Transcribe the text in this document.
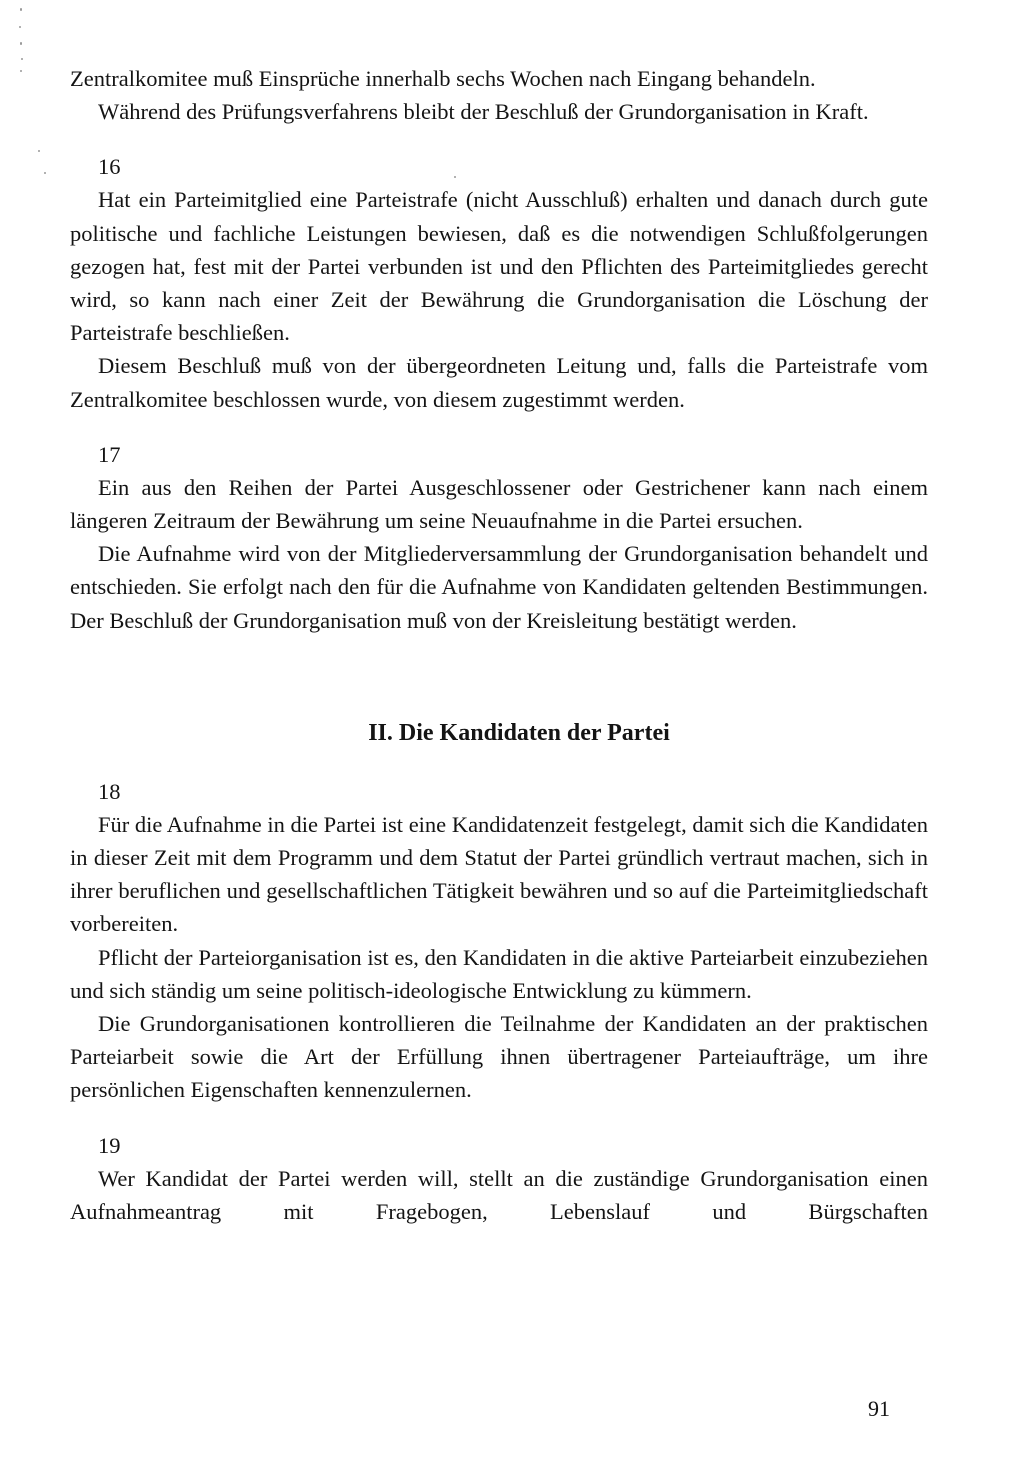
Zentralkomitee muß Einsprüche innerhalb sechs Wochen nach Eingang behandeln.

Während des Prüfungsverfahrens bleibt der Beschluß der Grundorganisation in Kraft.

16

Hat ein Parteimitglied eine Parteistrafe (nicht Ausschluß) erhalten und danach durch gute politische und fachliche Leistungen bewiesen, daß es die notwendigen Schlußfolgerungen gezogen hat, fest mit der Partei verbunden ist und den Pflichten des Parteimitgliedes gerecht wird, so kann nach einer Zeit der Bewährung die Grundorganisation die Löschung der Parteistrafe beschließen.

Diesem Beschluß muß von der übergeordneten Leitung und, falls die Parteistrafe vom Zentralkomitee beschlossen wurde, von diesem zugestimmt werden.

17

Ein aus den Reihen der Partei Ausgeschlossener oder Gestrichener kann nach einem längeren Zeitraum der Bewährung um seine Neuaufnahme in die Partei ersuchen.

Die Aufnahme wird von der Mitgliederversammlung der Grundorganisation behandelt und entschieden. Sie erfolgt nach den für die Aufnahme von Kandidaten geltenden Bestimmungen. Der Beschluß der Grundorganisation muß von der Kreisleitung bestätigt werden.

II. Die Kandidaten der Partei

18

Für die Aufnahme in die Partei ist eine Kandidatenzeit festgelegt, damit sich die Kandidaten in dieser Zeit mit dem Programm und dem Statut der Partei gründlich vertraut machen, sich in ihrer beruflichen und gesellschaftlichen Tätigkeit bewähren und so auf die Parteimitgliedschaft vorbereiten.

Pflicht der Parteiorganisation ist es, den Kandidaten in die aktive Parteiarbeit einzubeziehen und sich ständig um seine politisch-ideologische Entwicklung zu kümmern.

Die Grundorganisationen kontrollieren die Teilnahme der Kandidaten an der praktischen Parteiarbeit sowie die Art der Erfüllung ihnen übertragener Parteiaufträge, um ihre persönlichen Eigenschaften kennenzulernen.

19

Wer Kandidat der Partei werden will, stellt an die zuständige Grundorganisation einen Aufnahmeantrag mit Fragebogen, Lebenslauf und Bürgschaften

91
